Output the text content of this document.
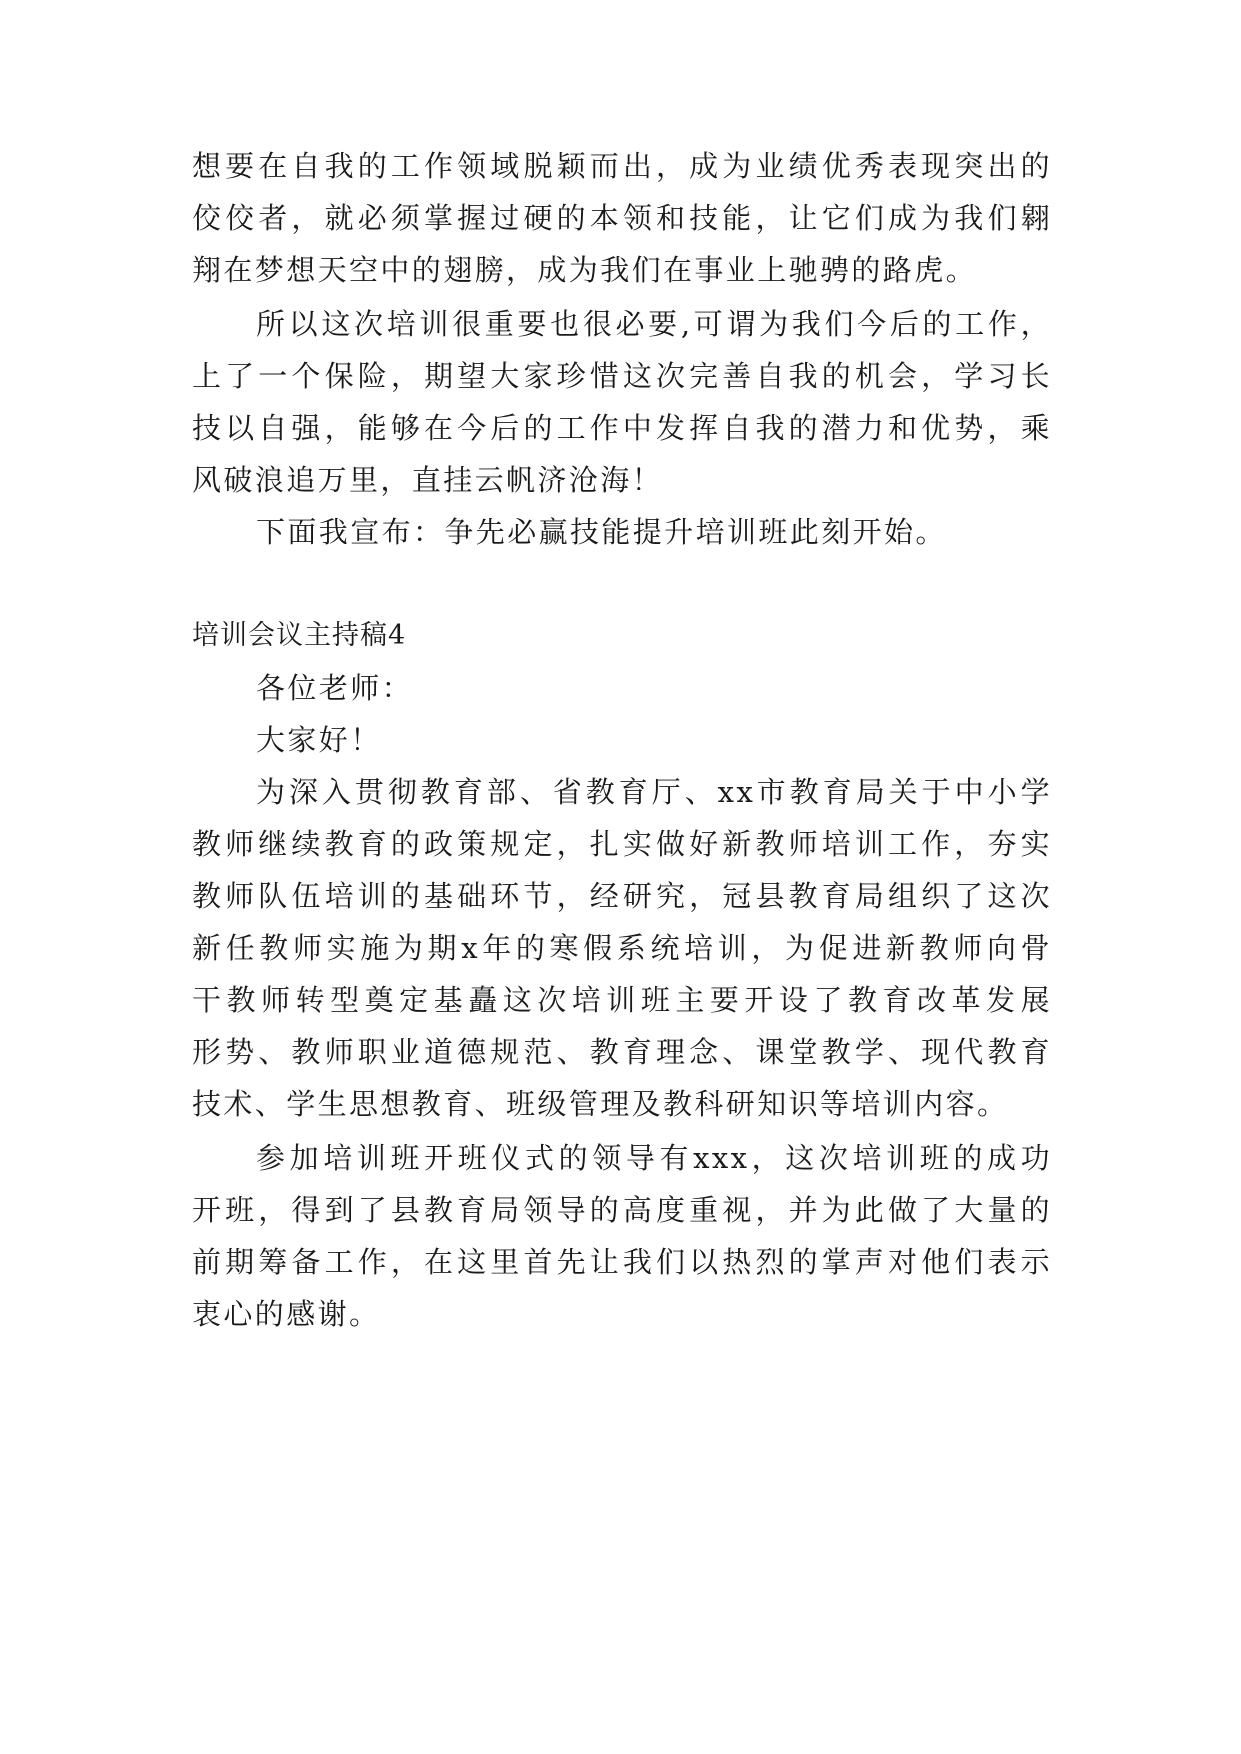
想要在自我的工作领域脱颖而出，成为业绩优秀表现突出的

佼佼者，就必须掌握过硬的本领和技能，让它们成为我们翱

翔在梦想天空中的翅膀，成为我们在事业上驰骋的路虎。

所以这次培训很重要也很必要,可谓为我们今后的工作，

上了一个保险，期望大家珍惜这次完善自我的机会，学习长

技以自强，能够在今后的工作中发挥自我的潜力和优势，乘

风破浪追万里，直挂云帆济沧海！

下面我宣布：争先必赢技能提升培训班此刻开始。

培训会议主持稿4

各位老师：

大家好！

为深入贯彻教育部、省教育厅、xx市教育局关于中小学

教师继续教育的政策规定，扎实做好新教师培训工作，夯实

教师队伍培训的基础环节，经研究，冠县教育局组织了这次

新任教师实施为期x年的寒假系统培训，为促进新教师向骨

干教师转型奠定基矗这次培训班主要开设了教育改革发展

形势、教师职业道德规范、教育理念、课堂教学、现代教育

技术、学生思想教育、班级管理及教科研知识等培训内容。

参加培训班开班仪式的领导有xxx，这次培训班的成功

开班，得到了县教育局领导的高度重视，并为此做了大量的

前期筹备工作，在这里首先让我们以热烈的掌声对他们表示

衷心的感谢。
